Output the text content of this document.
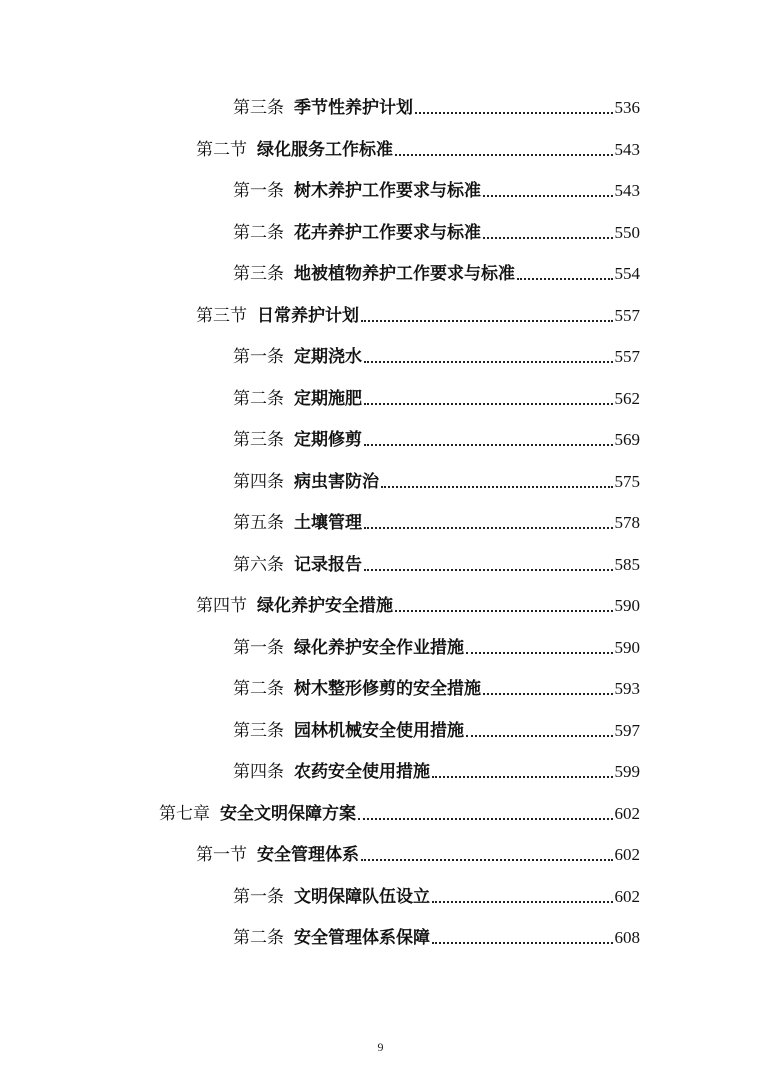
第三条 季节性养护计划	536
第二节 绿化服务工作标准	543
第一条 树木养护工作要求与标准	543
第二条 花卉养护工作要求与标准	550
第三条 地被植物养护工作要求与标准	554
第三节 日常养护计划	557
第一条 定期浇水	557
第二条 定期施肥	562
第三条 定期修剪	569
第四条 病虫害防治	575
第五条 土壤管理	578
第六条 记录报告	585
第四节 绿化养护安全措施	590
第一条 绿化养护安全作业措施	590
第二条 树木整形修剪的安全措施	593
第三条 园林机械安全使用措施	597
第四条 农药安全使用措施	599
第七章 安全文明保障方案	602
第一节 安全管理体系	602
第一条 文明保障队伍设立	602
第二条 安全管理体系保障	608
9
